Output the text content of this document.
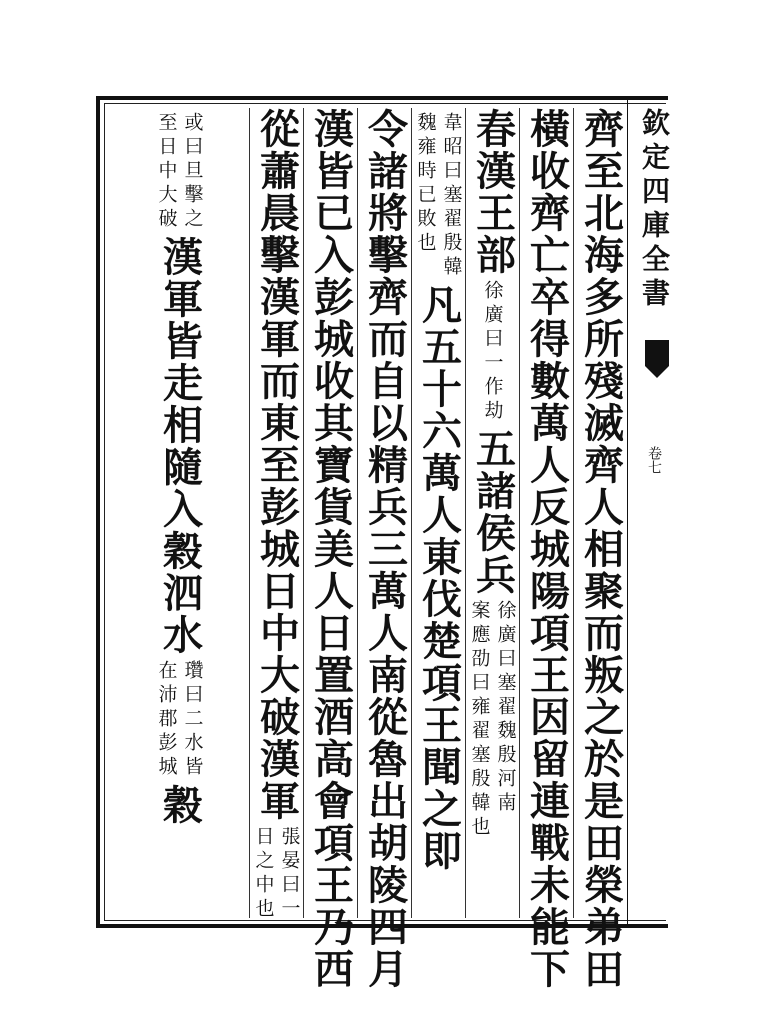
欽定四庫全書
卷七
齊至北海多所殘滅齊人相聚而叛之於是田榮弟田
橫收齊亡卒得數萬人反城陽項王因留連戰未能下
春漢王部
徐廣曰一作劫
五諸侯兵
徐廣曰塞翟魏殷河南
案應劭曰雍翟塞殷韓也
韋昭曰塞翟殷韓
魏雍時已敗也
凡五十六萬人東伐楚項王聞之即
令諸將擊齊而自以精兵三萬人南從魯出胡陵四月
漢皆已入彭城收其寶貨美人日置酒高會項王乃西
從蕭晨擊漢軍而東至彭城日中大破漢軍
張晏曰一
日之中也
或曰旦擊之
至日中大破
漢軍皆走相隨入穀泗水
瓚曰二水皆
在沛郡彭城
穀
